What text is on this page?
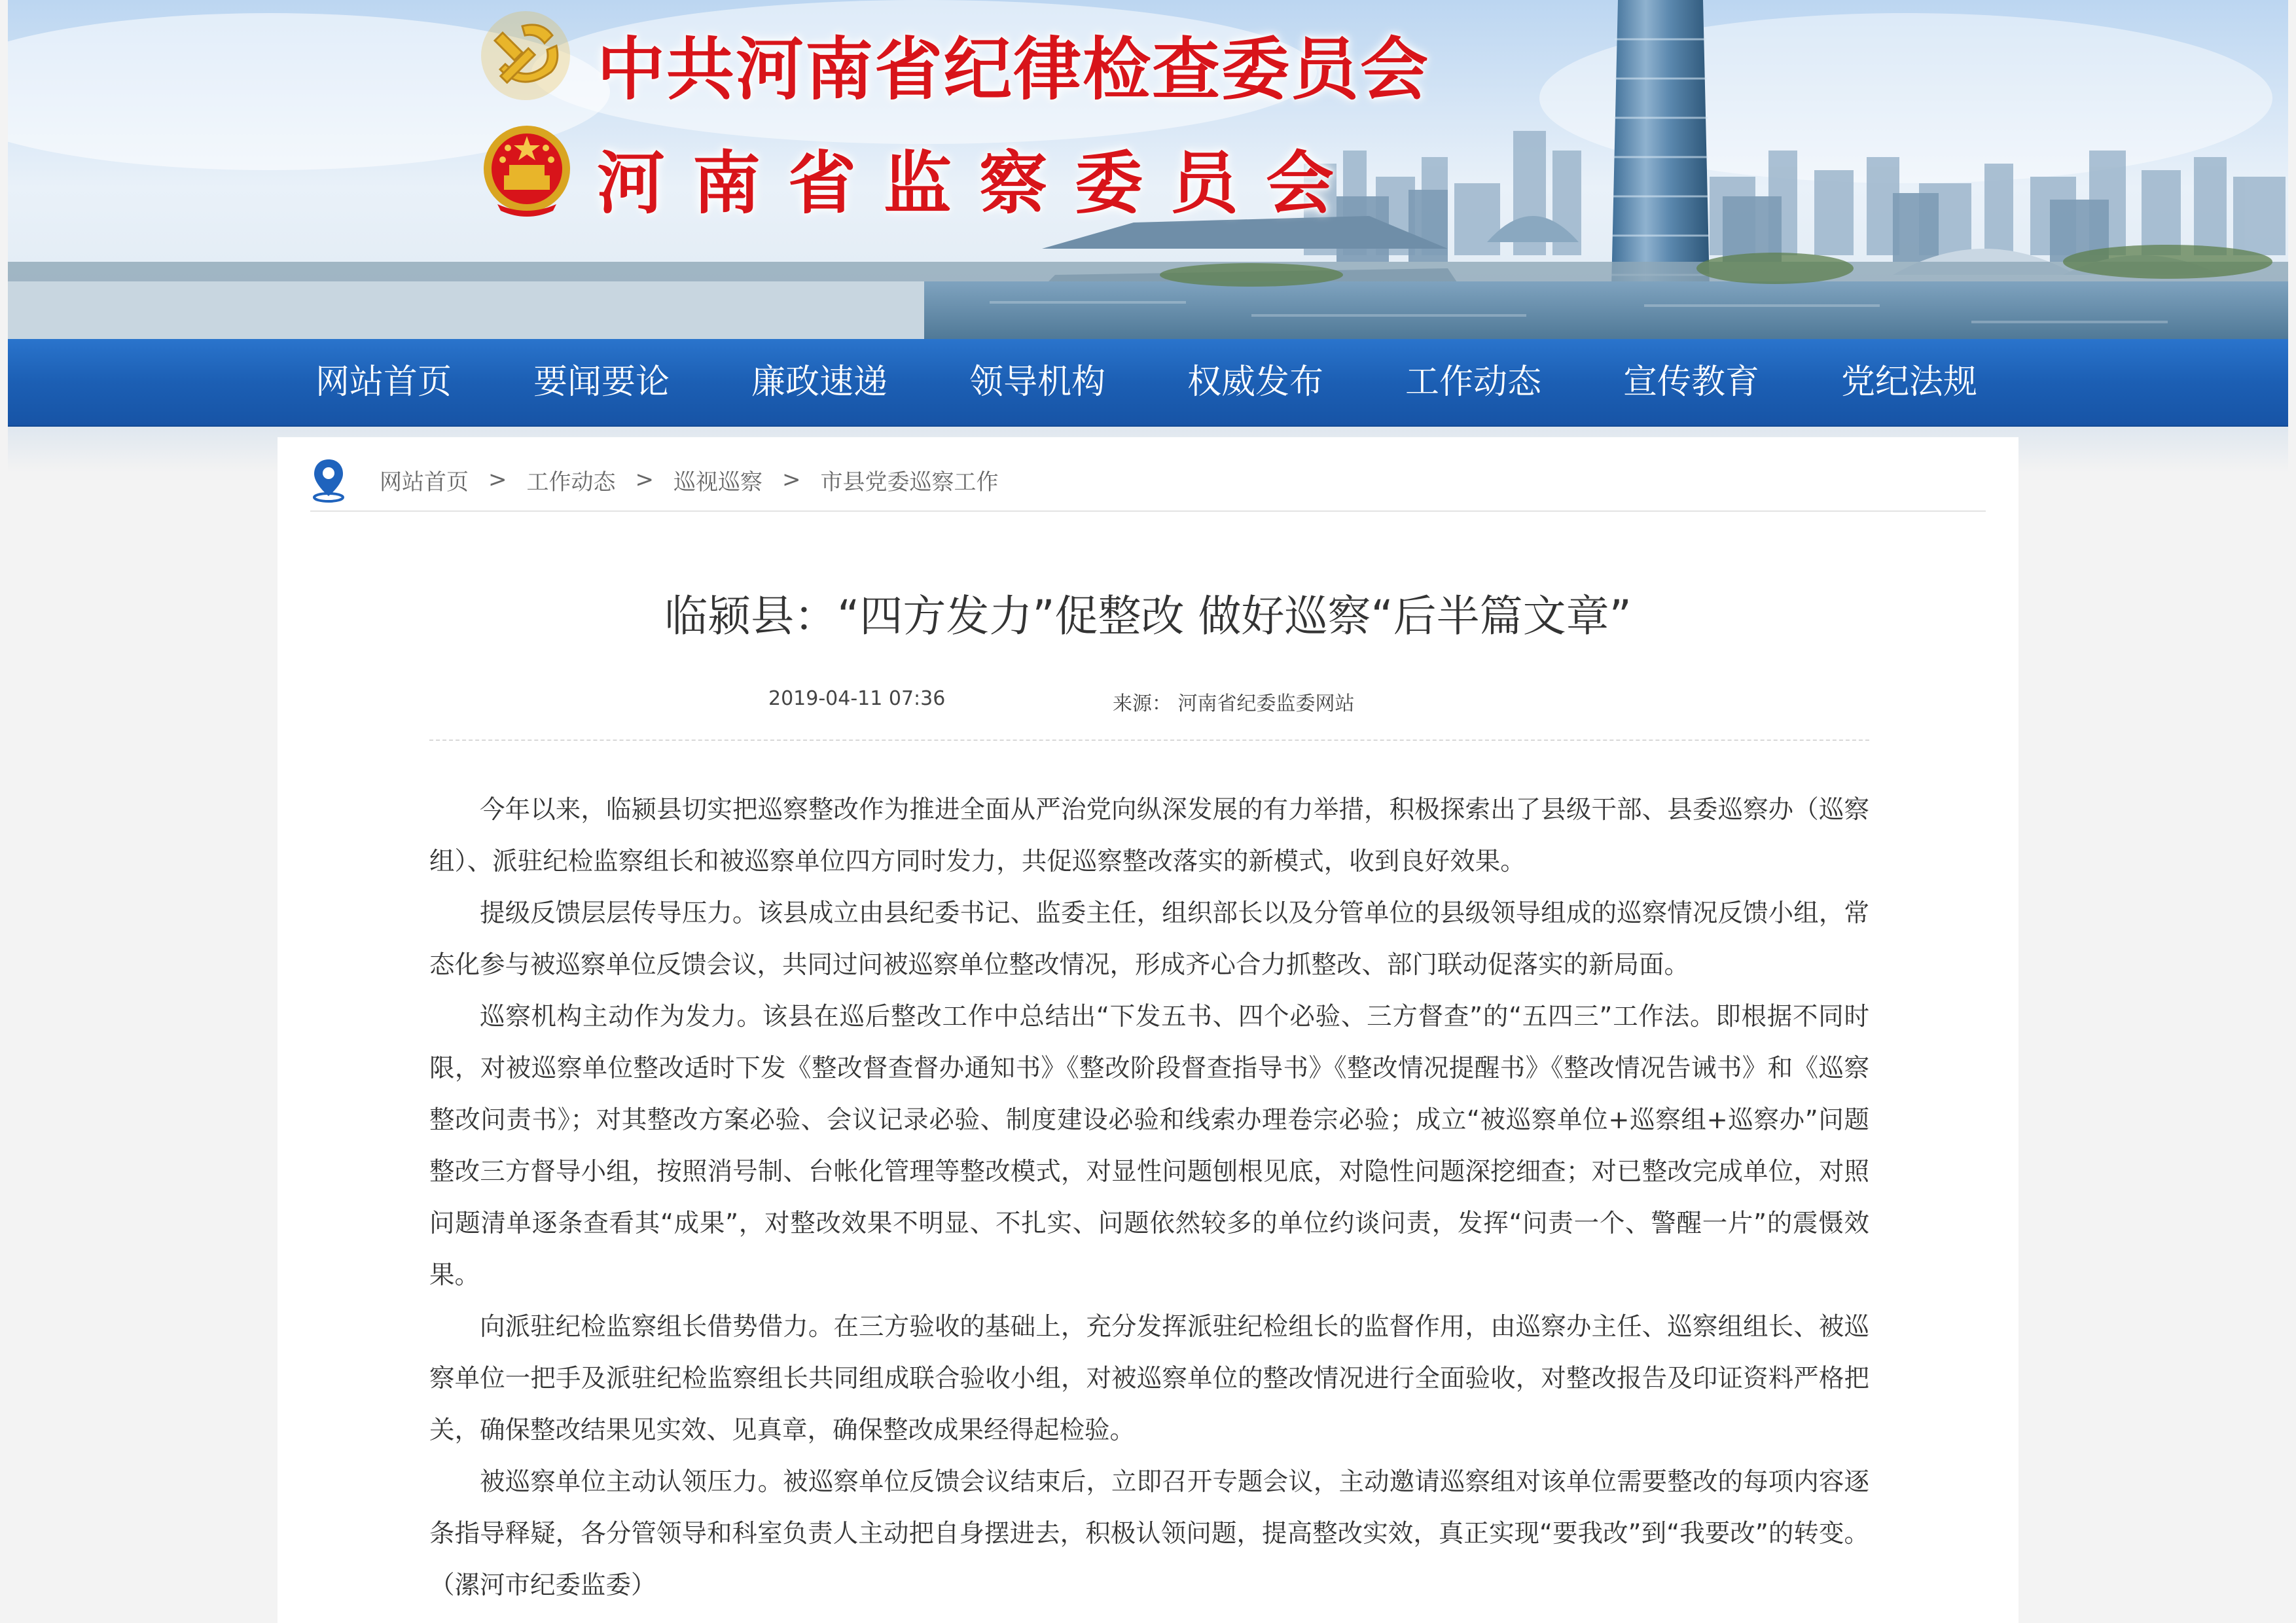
中共河南省纪律检查委员会
河南省监察委员会
网站首页	要闻要论	廉政速递	领导机构	权威发布	工作动态	宣传教育	党纪法规
网站首页 > 工作动态 > 巡视巡察 > 市县党委巡察工作
临颍县：“四方发力”促整改 做好巡察“后半篇文章”
2019-04-11 07:36	来源： 河南省纪委监委网站

今年以来，临颍县切实把巡察整改作为推进全面从严治党向纵深发展的有力举措，积极探索出了县级干部、县委巡察办（巡察组）、派驻纪检监察组长和被巡察单位四方同时发力，共促巡察整改落实的新模式，收到良好效果。

提级反馈层层传导压力。该县成立由县纪委书记、监委主任，组织部长以及分管单位的县级领导组成的巡察情况反馈小组，常态化参与被巡察单位反馈会议，共同过问被巡察单位整改情况，形成齐心合力抓整改、部门联动促落实的新局面。

巡察机构主动作为发力。该县在巡后整改工作中总结出“下发五书、四个必验、三方督查”的“五四三”工作法。即根据不同时限，对被巡察单位整改适时下发《整改督查督办通知书》《整改阶段督查指导书》《整改情况提醒书》《整改情况告诫书》和《巡察整改问责书》；对其整改方案必验、会议记录必验、制度建设必验和线索办理卷宗必验；成立“被巡察单位+巡察组+巡察办”问题整改三方督导小组，按照消号制、台帐化管理等整改模式，对显性问题刨根见底，对隐性问题深挖细查；对已整改完成单位，对照问题清单逐条查看其“成果”，对整改效果不明显、不扎实、问题依然较多的单位约谈问责，发挥“问责一个、警醒一片”的震慑效果。

向派驻纪检监察组长借势借力。在三方验收的基础上，充分发挥派驻纪检组长的监督作用，由巡察办主任、巡察组组长、被巡察单位一把手及派驻纪检监察组长共同组成联合验收小组，对被巡察单位的整改情况进行全面验收，对整改报告及印证资料严格把关，确保整改结果见实效、见真章，确保整改成果经得起检验。

被巡察单位主动认领压力。被巡察单位反馈会议结束后，立即召开专题会议，主动邀请巡察组对该单位需要整改的每项内容逐条指导释疑，各分管领导和科室负责人主动把自身摆进去，积极认领问题，提高整改实效，真正实现“要我改”到“我要改”的转变。（漯河市纪委监委）
